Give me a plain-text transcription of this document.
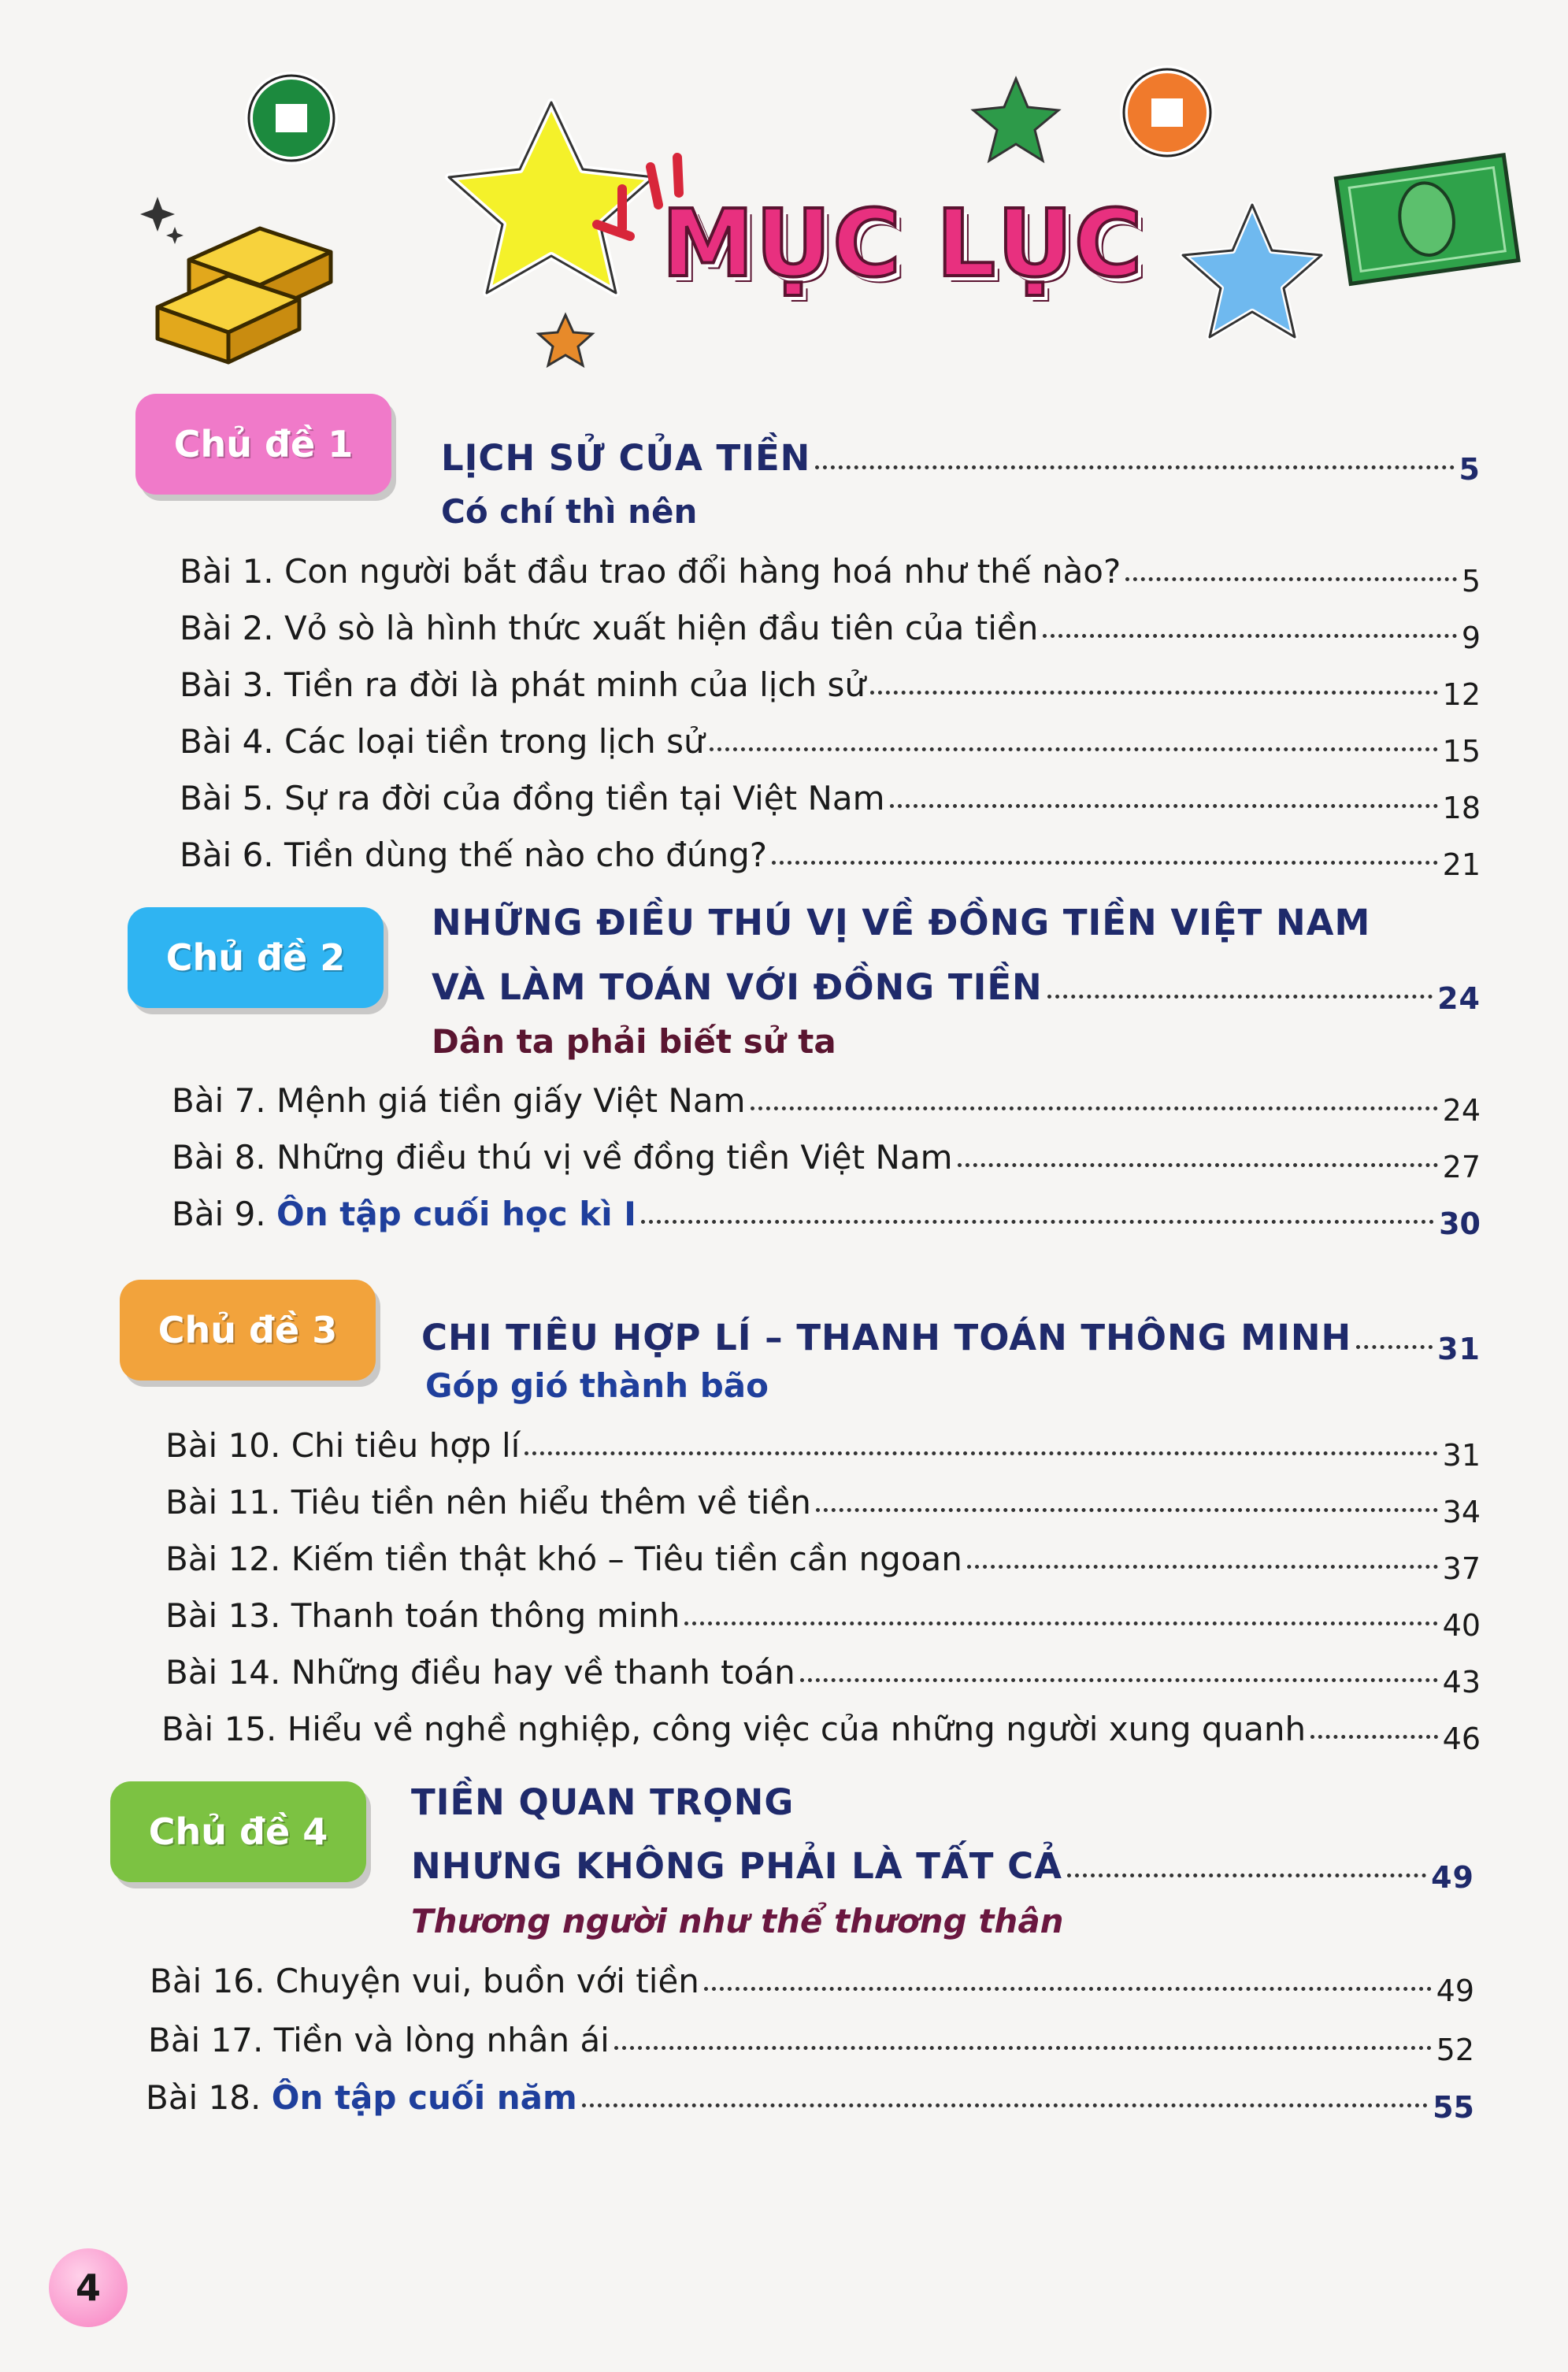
MỤC LỤC
Chủ đề 1	LỊCH SỬ CỦA TIỀN	5
Có chí thì nên
Bài 1. Con người bắt đầu trao đổi hàng hoá như thế nào?	5
Bài 2. Vỏ sò là hình thức xuất hiện đầu tiên của tiền	9
Bài 3. Tiền ra đời là phát minh của lịch sử	12
Bài 4. Các loại tiền trong lịch sử	15
Bài 5. Sự ra đời của đồng tiền tại Việt Nam	18
Bài 6. Tiền dùng thế nào cho đúng?	21
Chủ đề 2
NHỮNG ĐIỀU THÚ VỊ VỀ ĐỒNG TIỀN VIỆT NAM
VÀ LÀM TOÁN VỚI ĐỒNG TIỀN	24
Dân ta phải biết sử ta
Bài 7. Mệnh giá tiền giấy Việt Nam	24
Bài 8. Những điều thú vị về đồng tiền Việt Nam	27
Bài 9. Ôn tập cuối học kì I	30
Chủ đề 3	CHI TIÊU HỢP LÍ – THANH TOÁN THÔNG MINH	31
Góp gió thành bão
Bài 10. Chi tiêu hợp lí	31
Bài 11. Tiêu tiền nên hiểu thêm về tiền	34
Bài 12. Kiếm tiền thật khó – Tiêu tiền cần ngoan	37
Bài 13. Thanh toán thông minh	40
Bài 14. Những điều hay về thanh toán	43
Bài 15. Hiểu về nghề nghiệp, công việc của những người xung quanh	46
Chủ đề 4
TIỀN QUAN TRỌNG
NHƯNG KHÔNG PHẢI LÀ TẤT CẢ	49
Thương người như thể thương thân
Bài 16. Chuyện vui, buồn với tiền	49
Bài 17. Tiền và lòng nhân ái	52
Bài 18. Ôn tập cuối năm	55
4
